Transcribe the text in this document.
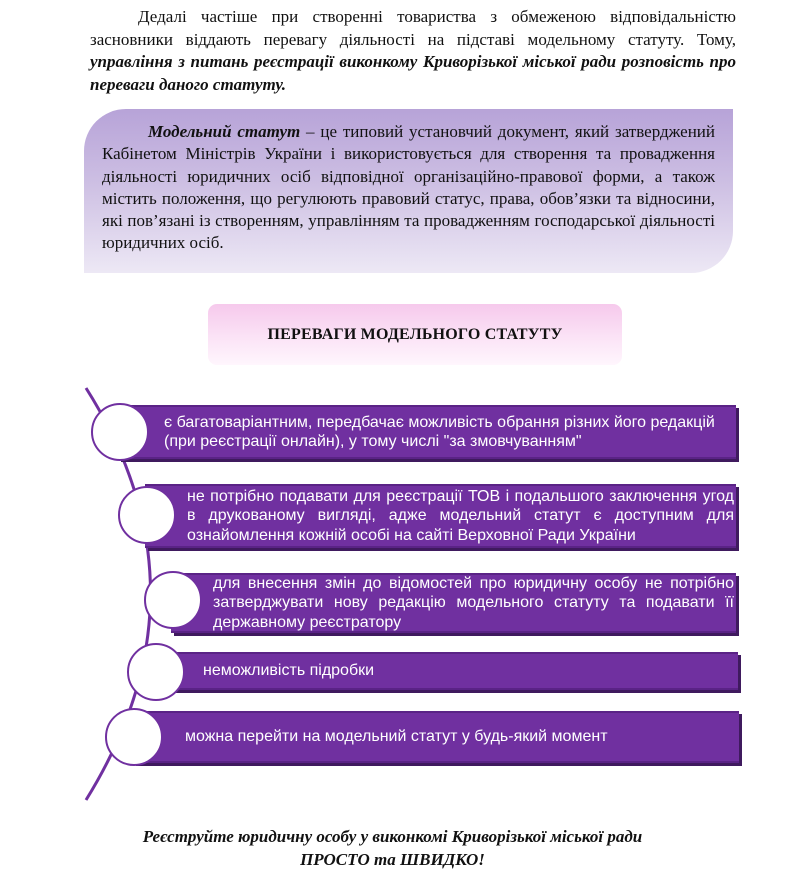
Дедалі частіше при створенні товариства з обмеженою відповідальністю засновники віддають перевагу діяльності на підставі модельному статуту. Тому, управління з питань реєстрації виконкому Криворізької міської ради розповість про переваги даного статуту.

Модельний статут – це типовий установчий документ, який затверджений Кабінетом Міністрів України і використовується для створення та провадження діяльності юридичних осіб відповідної організаційно-правової форми, а також містить положення, що регулюють правовий статус, права, обов’язки та відносини, які пов’язані із створенням, управлінням та провадженням господарської діяльності юридичних осіб.

ПЕРЕВАГИ МОДЕЛЬНОГО СТАТУТУ
є багатоваріантним, передбачає можливість обрання різних його редакцій (при реєстрації онлайн), у тому числі "за змовчуванням"
не потрібно подавати для реєстрації ТОВ і подальшого заключення угод в друкованому вигляді, адже модельний статут є доступним для ознайомлення кожній особі на сайті Верховної Ради України
для внесення змін до відомостей про юридичну особу не потрібно затверджувати нову редакцію модельного статуту та подавати її державному реєстратору
неможливість підробки
можна перейти на модельний статут у будь-який момент
Реєструйте юридичну особу у виконкомі Криворізької міської ради
ПРОСТО та ШВИДКО!
